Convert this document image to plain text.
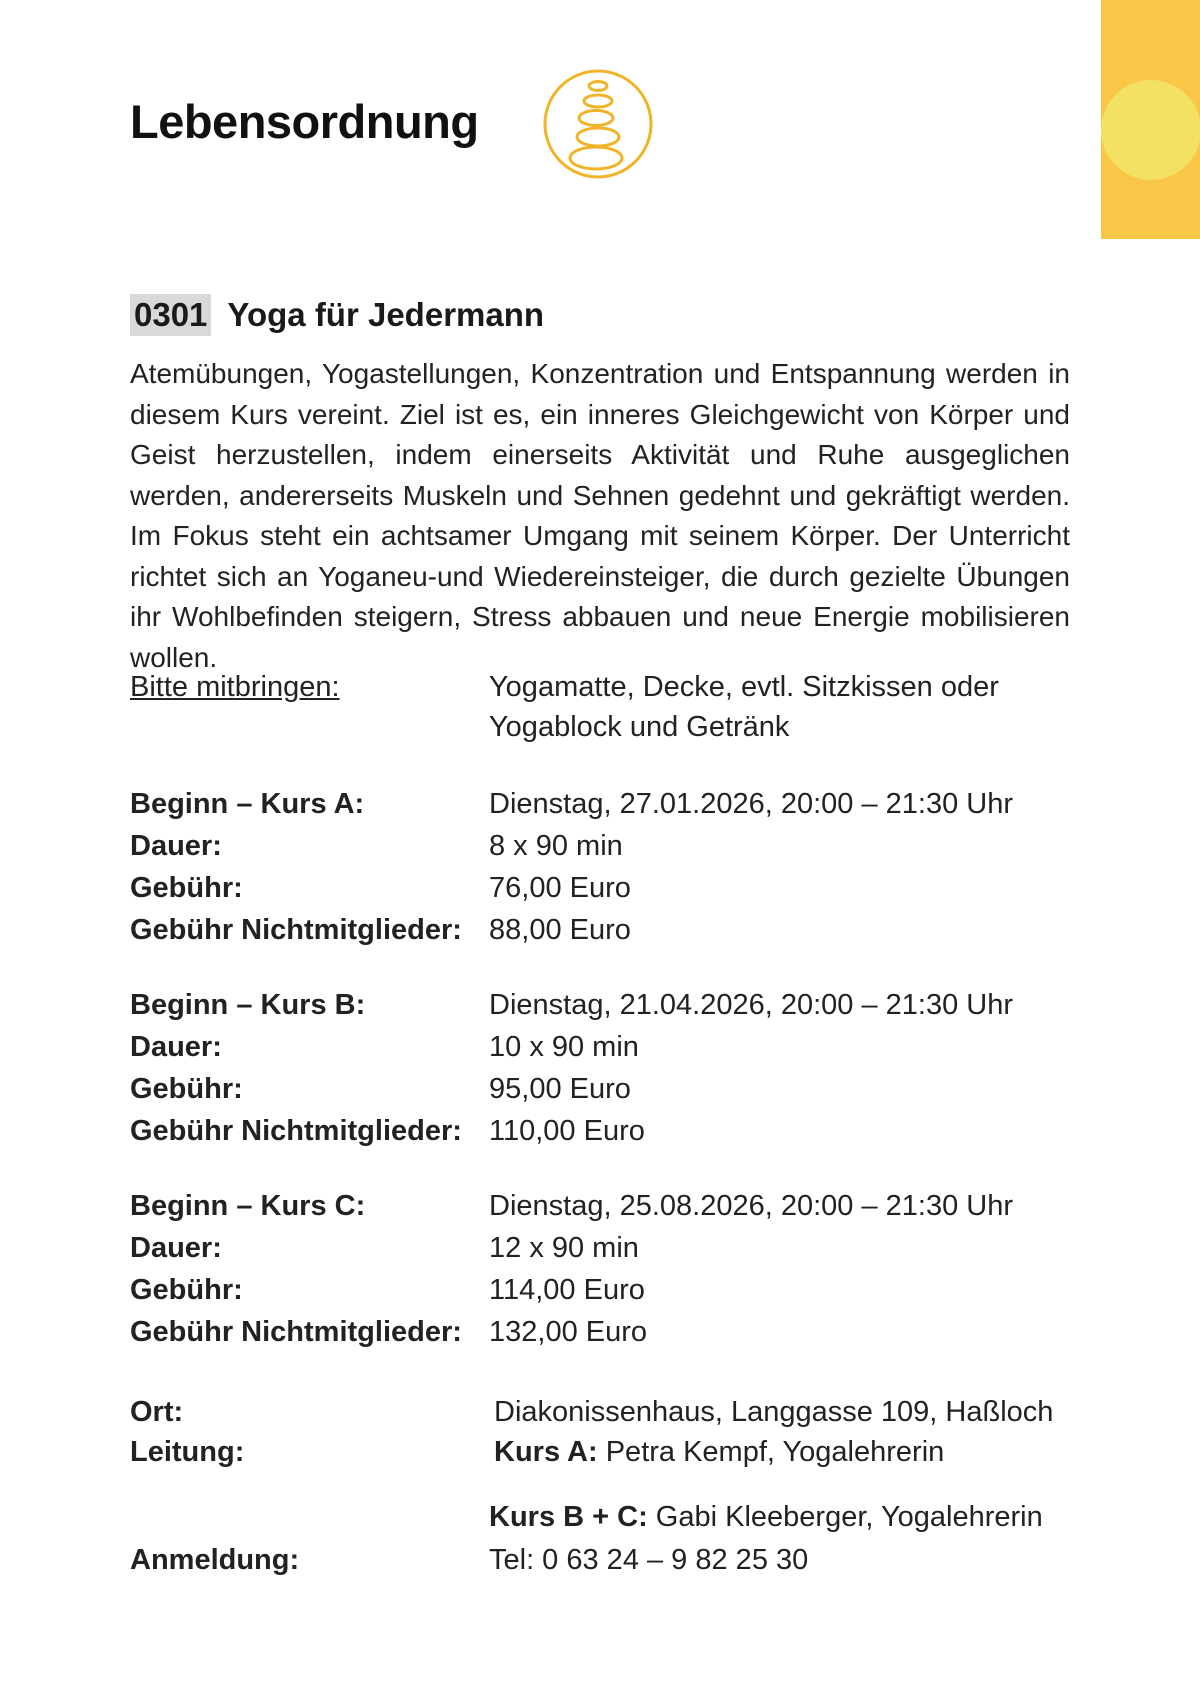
Lebensordnung
0301 Yoga für Jedermann

Atemübungen, Yogastellungen, Konzentration und Entspannung werden in diesem Kurs vereint. Ziel ist es, ein inneres Gleichgewicht von Körper und Geist herzustellen, indem einerseits Aktivität und Ruhe ausgeglichen werden, andererseits Muskeln und Sehnen gedehnt und gekräftigt werden. Im Fokus steht ein achtsamer Umgang mit seinem Körper. Der Unterricht richtet sich an Yoganeu-und Wiedereinsteiger, die durch gezielte Übungen ihr Wohlbefinden steigern, Stress abbauen und neue Energie mobilisieren wollen.

Bitte mitbringen:	Yogamatte, Decke, evtl. Sitzkissen oder Yogablock und Getränk
Beginn – Kurs A:	Dienstag, 27.01.2026, 20:00 – 21:30 Uhr
Dauer:	8 x 90 min
Gebühr:	76,00 Euro
Gebühr Nichtmitglieder: 88,00 Euro
Beginn – Kurs B:	Dienstag, 21.04.2026, 20:00 – 21:30 Uhr
Dauer:	10 x 90 min
Gebühr:	95,00 Euro
Gebühr Nichtmitglieder: 110,00 Euro
Beginn – Kurs C:	Dienstag, 25.08.2026, 20:00 – 21:30 Uhr
Dauer:	12 x 90 min
Gebühr:	114,00 Euro
Gebühr Nichtmitglieder: 132,00 Euro
Ort:	Diakonissenhaus, Langgasse 109, Haßloch
Leitung:	Kurs A: Petra Kempf, Yogalehrerin
Kurs B + C: Gabi Kleeberger, Yogalehrerin
Anmeldung:	Tel: 0 63 24 – 9 82 25 30
